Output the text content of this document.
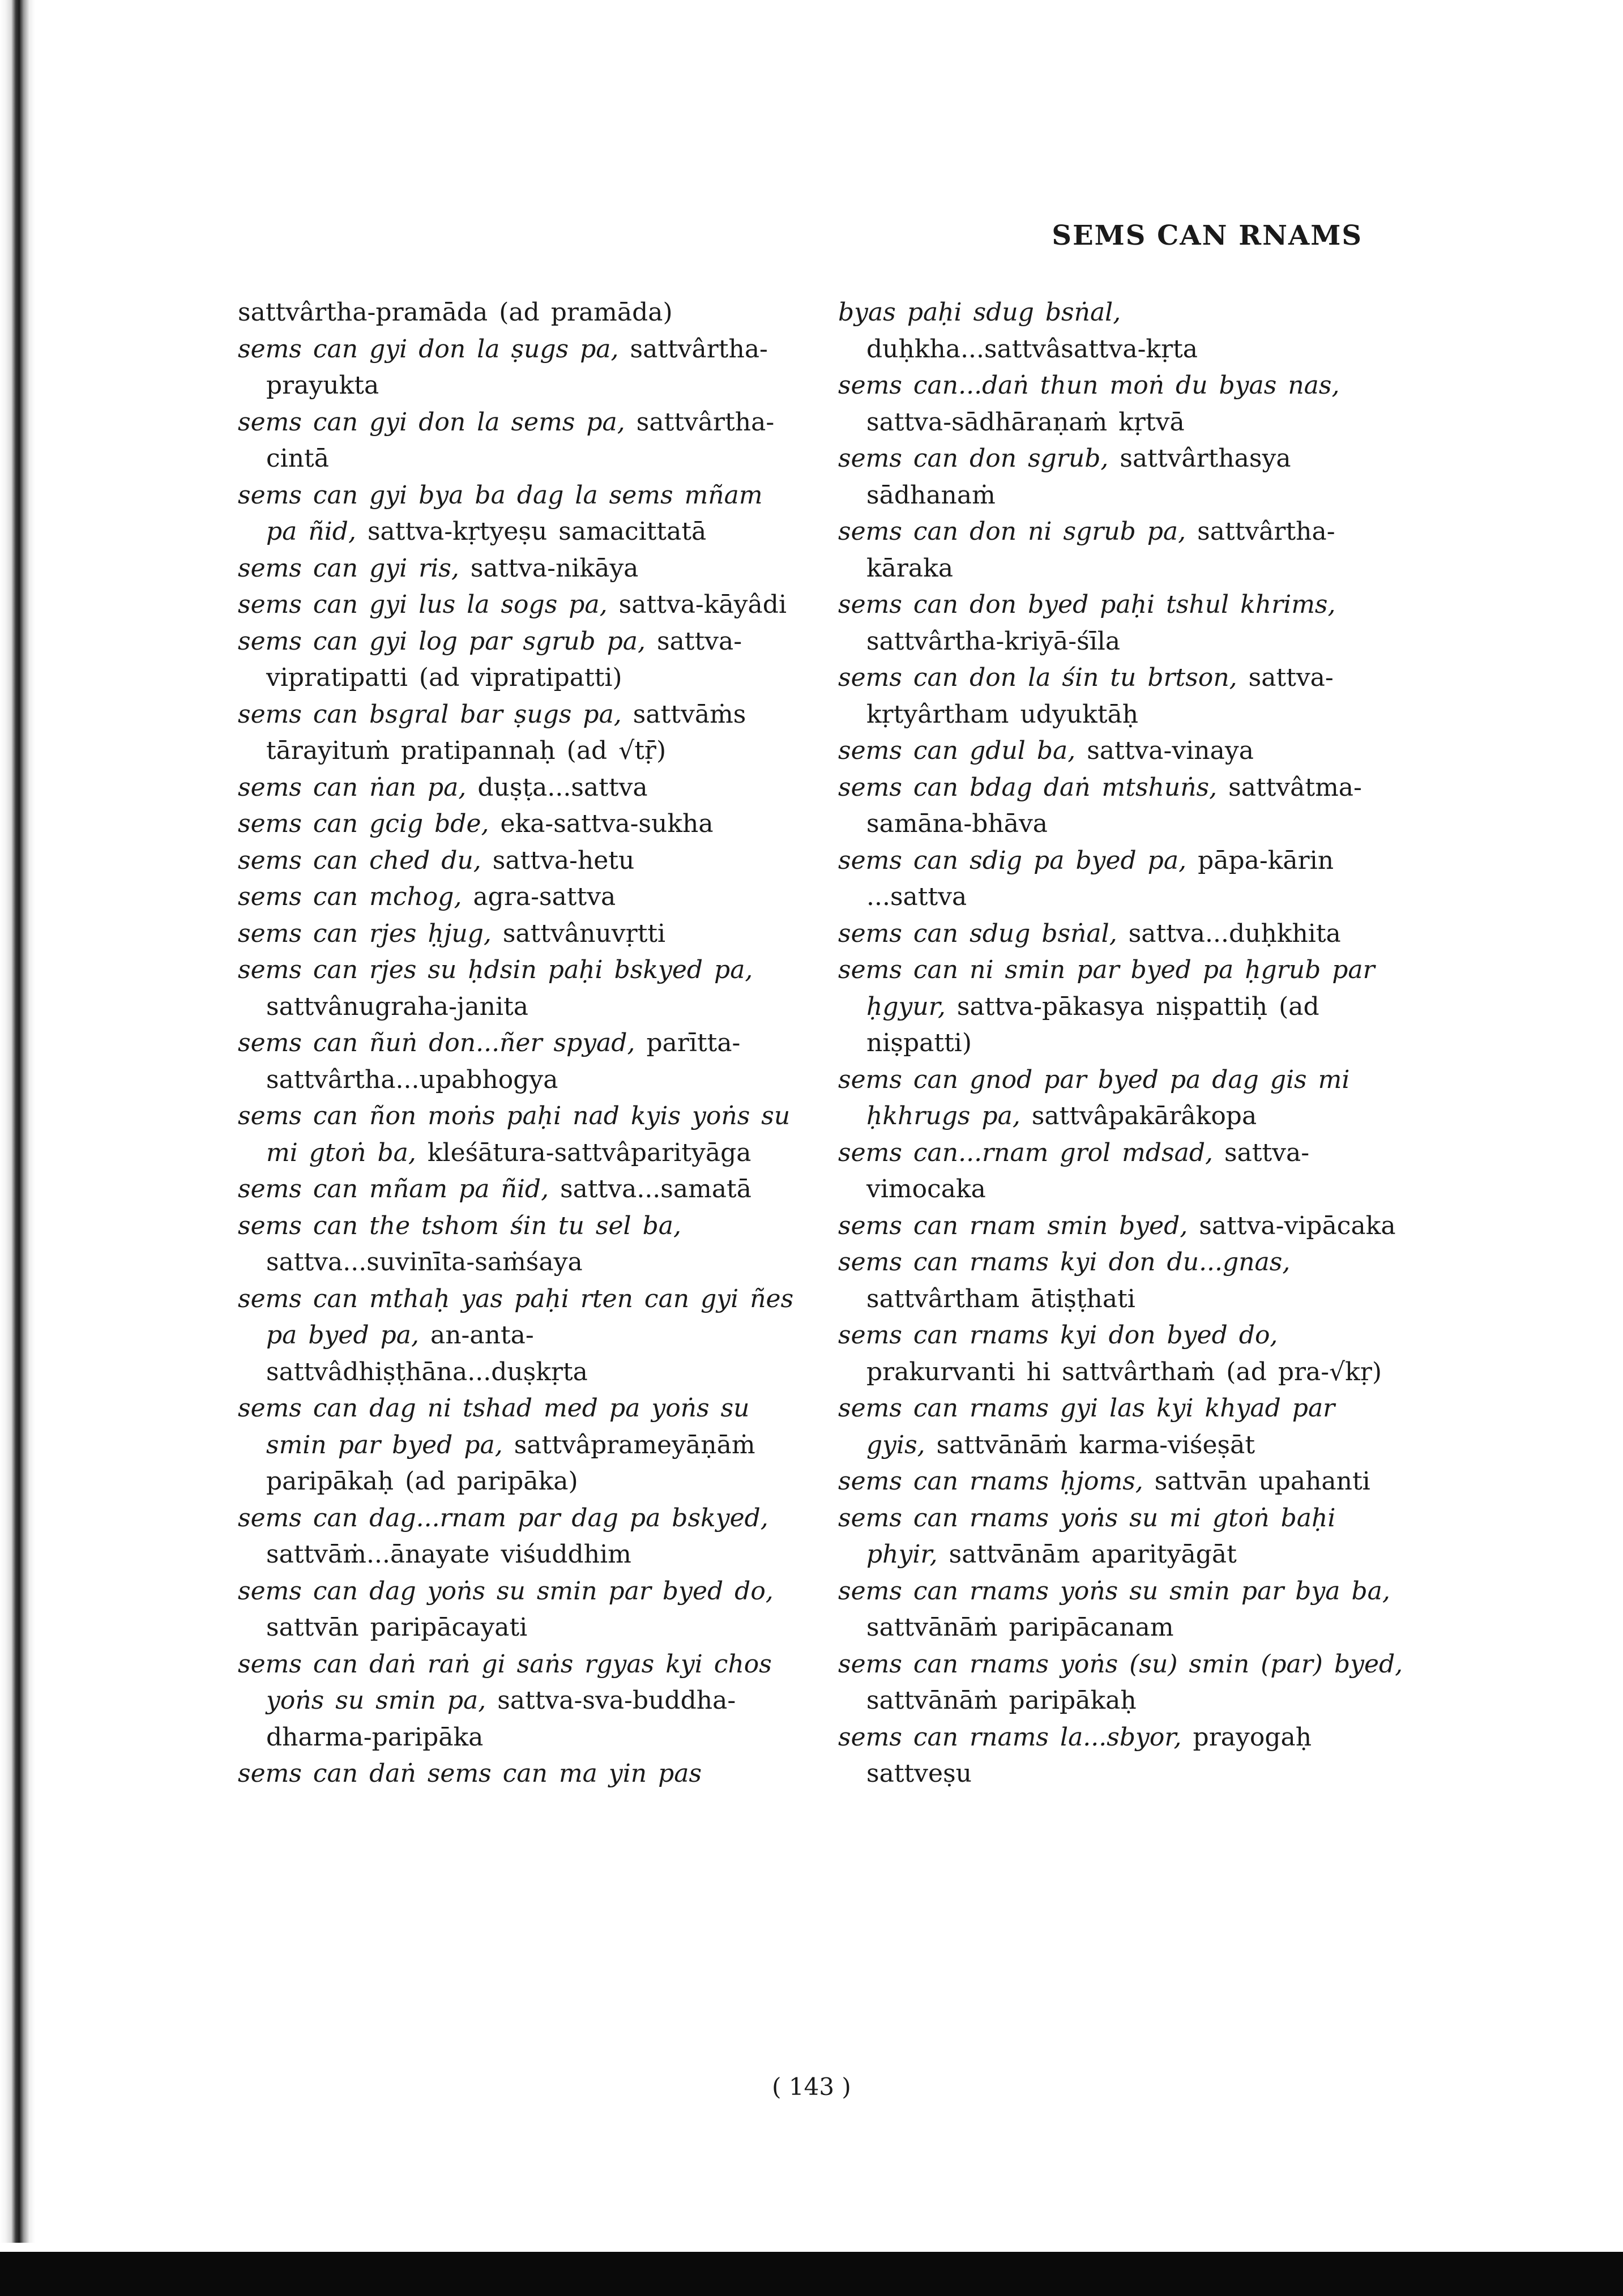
SEMS CAN RNAMS
sattvârtha-pramāda (ad pramāda)
sems can gyi don la ṣugs pa, sattvârtha-prayukta
sems can gyi don la sems pa, sattvârtha-cintā
sems can gyi bya ba dag la sems mñam pa ñid, sattva-kṛtyeṣu samacittatā
sems can gyi ris, sattva-nikāya
sems can gyi lus la sogs pa, sattva-kāyâdi
sems can gyi log par sgrub pa, sattva-vipratipatti (ad vipratipatti)
sems can bsgral bar ṣugs pa, sattvāṁs tārayituṁ pratipannaḥ (ad √tṝ)
sems can ṅan pa, duṣṭa...sattva
sems can gcig bde, eka-sattva-sukha
sems can ched du, sattva-hetu
sems can mchog, agra-sattva
sems can rjes ḥjug, sattvânuvṛtti
sems can rjes su ḥdsin paḥi bskyed pa, sattvânugraha-janita
sems can ñuṅ don...ñer spyad, parītta-sattvârtha...upabhogya
sems can ñon moṅs paḥi nad kyis yoṅs su mi gtoṅ ba, kleśātura-sattvâparityāga
sems can mñam pa ñid, sattva...samatā
sems can the tshom śin tu sel ba, sattva...suvinīta-saṁśaya
sems can mthaḥ yas paḥi rten can gyi ñes pa byed pa, an-anta-sattvâdhiṣṭhāna...duṣkṛta
sems can dag ni tshad med pa yoṅs su smin par byed pa, sattvâprameyāṇāṁ paripākaḥ (ad paripāka)
sems can dag...rnam par dag pa bskyed, sattvāṁ...ānayate viśuddhim
sems can dag yoṅs su smin par byed do, sattvān paripācayati
sems can daṅ raṅ gi saṅs rgyas kyi chos yoṅs su smin pa, sattva-sva-buddha-dharma-paripāka
sems can daṅ sems can ma yin pas
byas paḥi sdug bsṅal, duḥkha...sattvâsattva-kṛta
sems can...daṅ thun moṅ du byas nas, sattva-sādhāraṇaṁ kṛtvā
sems can don sgrub, sattvârthasya sādhanaṁ
sems can don ni sgrub pa, sattvârtha-kāraka
sems can don byed paḥi tshul khrims, sattvârtha-kriyā-śīla
sems can don la śin tu brtson, sattva-kṛtyârtham udyuktāḥ
sems can gdul ba, sattva-vinaya
sems can bdag daṅ mtshuṅs, sattvâtma-samāna-bhāva
sems can sdig pa byed pa, pāpa-kārin ...sattva
sems can sdug bsṅal, sattva...duḥkhita
sems can ni smin par byed pa ḥgrub par ḥgyur, sattva-pākasya niṣpattiḥ (ad niṣpatti)
sems can gnod par byed pa dag gis mi ḥkhrugs pa, sattvâpakārâkopa
sems can...rnam grol mdsad, sattva-vimocaka
sems can rnam smin byed, sattva-vipācaka
sems can rnams kyi don du...gnas, sattvârtham ātiṣṭhati
sems can rnams kyi don byed do, prakurvanti hi sattvârthaṁ (ad pra-√kṛ)
sems can rnams gyi las kyi khyad par gyis, sattvānāṁ karma-viśeṣāt
sems can rnams ḥjoms, sattvān upahanti
sems can rnams yoṅs su mi gtoṅ baḥi phyir, sattvānām aparityāgāt
sems can rnams yoṅs su smin par bya ba, sattvānāṁ paripācanam
sems can rnams yoṅs (su) smin (par) byed, sattvānāṁ paripākaḥ
sems can rnams la...sbyor, prayogaḥ sattveṣu
( 143 )
